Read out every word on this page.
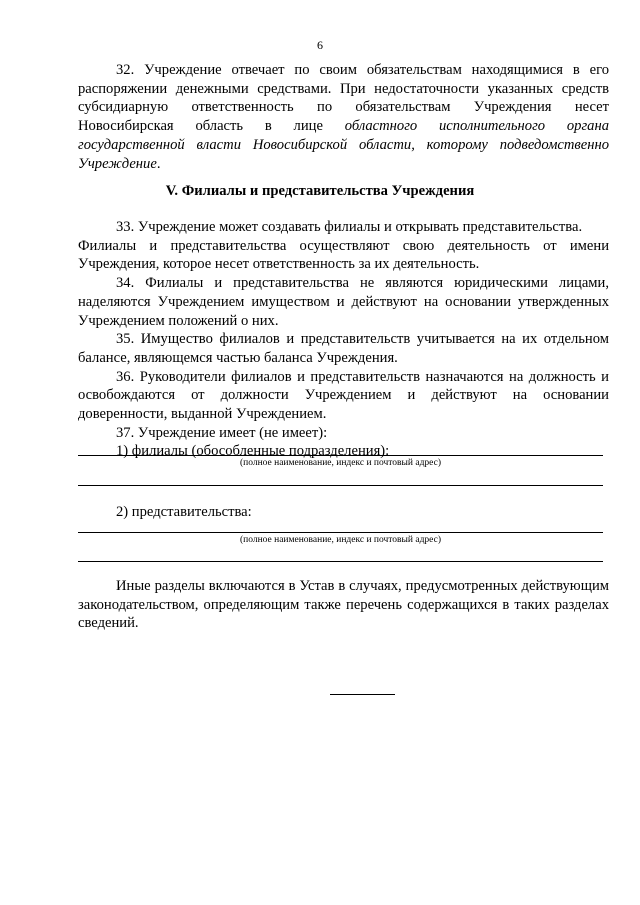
6

32. Учреждение отвечает по своим обязательствам находящимися в его распоряжении денежными средствами. При недостаточности указанных средств субсидиарную ответственность по обязательствам Учреждения несет Новосибирская область в лице областного исполнительного органа государственной власти Новосибирской области, которому подведомственно Учреждение.

V. Филиалы и представительства Учреждения

33. Учреждение может создавать филиалы и открывать представительства.

Филиалы и представительства осуществляют свою деятельность от имени Учреждения, которое несет ответственность за их деятельность.

34. Филиалы и представительства не являются юридическими лицами, наделяются Учреждением имуществом и действуют на основании утвержденных Учреждением положений о них.

35. Имущество филиалов и представительств учитывается на их отдельном балансе, являющемся частью баланса Учреждения.

36. Руководители филиалов и представительств назначаются на должность и освобождаются от должности Учреждением и действуют на основании доверенности, выданной Учреждением.

37. Учреждение имеет (не имеет):

1) филиалы (обособленные подразделения):

(полное наименование, индекс и почтовый адрес)

2) представительства:

(полное наименование, индекс и почтовый адрес)

Иные разделы включаются в Устав в случаях, предусмотренных действующим законодательством, определяющим также перечень содержащихся в таких разделах сведений.
